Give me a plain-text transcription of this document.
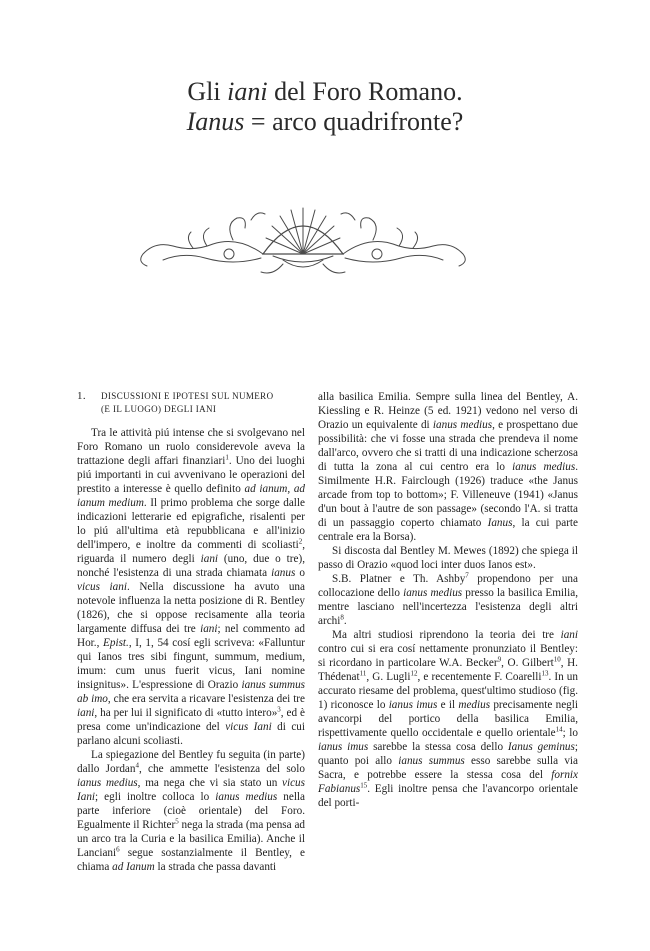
Gli iani del Foro Romano.
Ianus = arco quadrifronte?
1. DISCUSSIONI E IPOTESI SUL NUMERO
(E IL LUOGO) DEGLI IANI

Tra le attività piú intense che si svolgevano nel Foro Romano un ruolo considerevole aveva la trattazione degli affari finanziari$^1$. Uno dei luoghi piú importanti in cui avvenivano le operazioni del prestito a interesse è quello definito ad ianum, ad ianum medium. Il primo problema che sorge dalle indicazioni letterarie ed epigrafiche, risalenti per lo piú all'ultima età repubblicana e all'inizio dell'impero, e inoltre da commenti di scoliasti$^2$, riguarda il numero degli iani (uno, due o tre), nonché l'esistenza di una strada chiamata ianus o vicus iani. Nella discussione ha avuto una notevole influenza la netta posizione di R. Bentley (1826), che si oppose recisamente alla teoria largamente diffusa dei tre iani; nel commento ad Hor., Epist., I, 1, 54 cosí egli scriveva: «Falluntur qui Ianos tres sibi fingunt, summum, medium, imum: cum unus fuerit vicus, Iani nomine insignitus». L'espressione di Orazio ianus summus ab imo, che era servita a ricavare l'esistenza dei tre iani, ha per lui il significato di «tutto intero»$^3$, ed è presa come un'indicazione del vicus Iani di cui parlano alcuni scoliasti.

La spiegazione del Bentley fu seguita (in parte) dallo Jordan$^4$, che ammette l'esistenza del solo ianus medius, ma nega che vi sia stato un vicus Iani; egli inoltre colloca lo ianus medius nella parte inferiore (cioè orientale) del Foro. Egualmente il Richter$^5$ nega la strada (ma pensa ad un arco tra la Curia e la basilica Emilia). Anche il Lanciani$^6$ segue sostanzialmente il Bentley, e chiama ad Ianum la strada che passa davanti

alla basilica Emilia. Sempre sulla linea del Bentley, A. Kiessling e R. Heinze (5 ed. 1921) vedono nel verso di Orazio un equivalente di ianus medius, e prospettano due possibilità: che vi fosse una strada che prendeva il nome dall'arco, ovvero che si tratti di una indicazione scherzosa di tutta la zona al cui centro era lo ianus medius. Similmente H.R. Fairclough (1926) traduce «the Janus arcade from top to bottom»; F. Villeneuve (1941) «Janus d'un bout à l'autre de son passage» (secondo l'A. si tratta di un passaggio coperto chiamato Ianus, la cui parte centrale era la Borsa).

Si discosta dal Bentley M. Mewes (1892) che spiega il passo di Orazio «quod loci inter duos Ianos est».

S.B. Platner e Th. Ashby$^7$ propendono per una collocazione dello ianus medius presso la basilica Emilia, mentre lasciano nell'incertezza l'esistenza degli altri archi$^8$.

Ma altri studiosi riprendono la teoria dei tre iani contro cui si era cosí nettamente pronunziato il Bentley: si ricordano in particolare W.A. Becker$^9$, O. Gilbert$^{10}$, H. Thédenat$^{11}$, G. Lugli$^{12}$, e recentemente F. Coarelli$^{13}$. In un accurato riesame del problema, quest'ultimo studioso (fig. 1) riconosce lo ianus imus e il medius precisamente negli avancorpi del portico della basilica Emilia, rispettivamente quello occidentale e quello orientale$^{14}$; lo ianus imus sarebbe la stessa cosa dello Ianus geminus; quanto poi allo ianus summus esso sarebbe sulla via Sacra, e potrebbe essere la stessa cosa del fornix Fabianus$^{15}$. Egli inoltre pensa che l'avancorpo orientale del porti-
